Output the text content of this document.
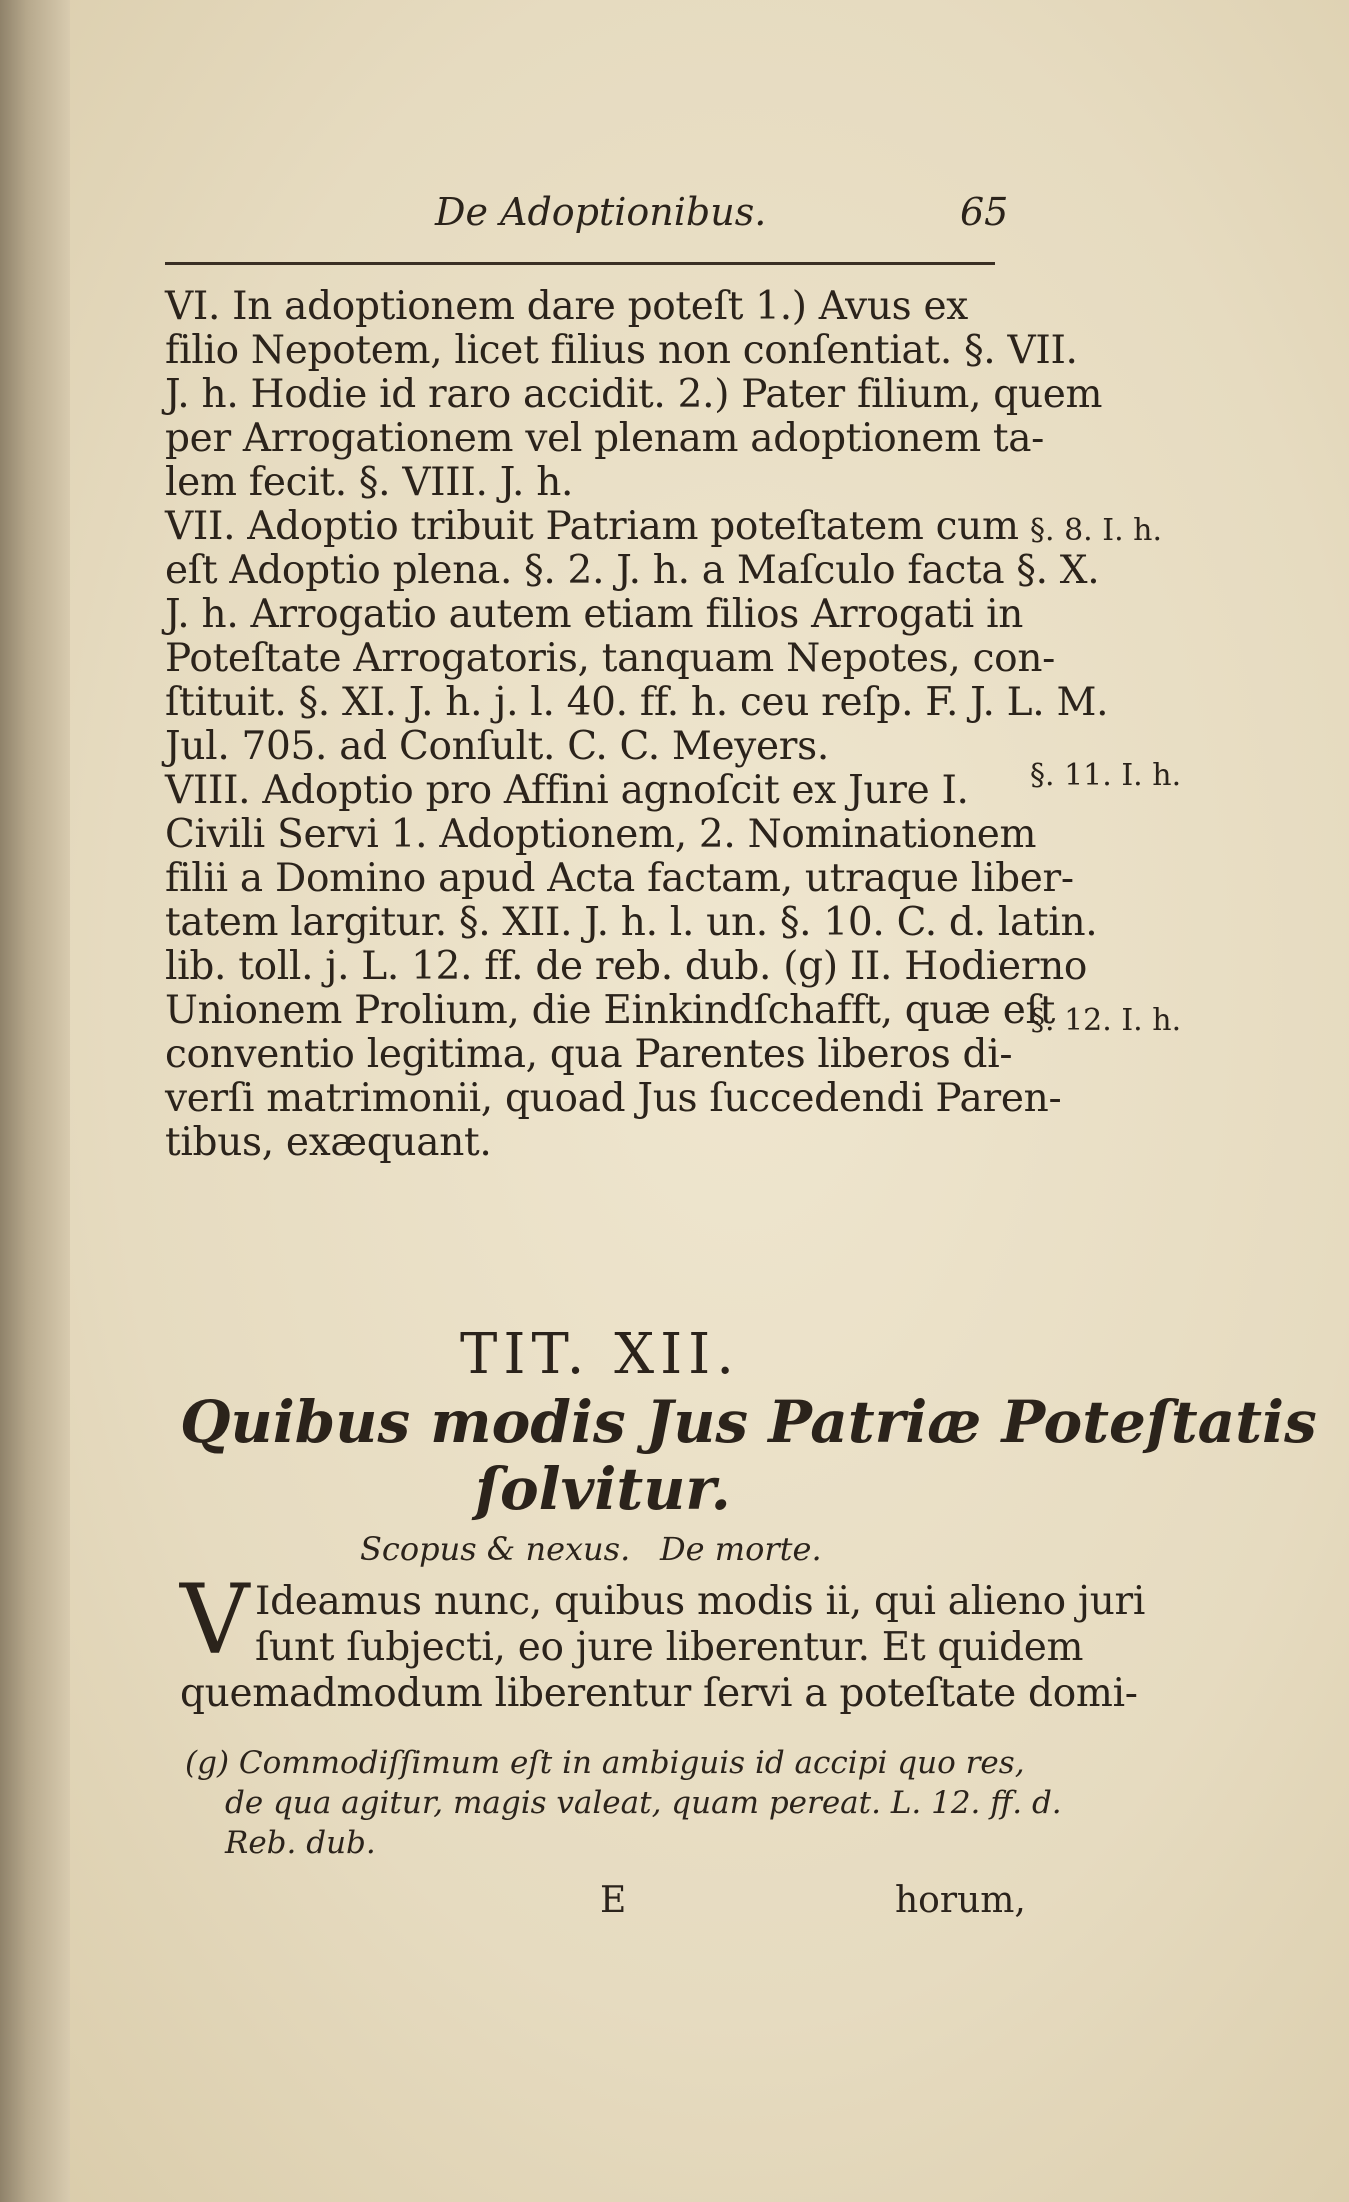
De Adoptionibus.	65
VI. In adoptionem dare poteſt 1.) Avus ex
filio Nepotem, licet filius non conſentiat. §. VII.
J. h. Hodie id raro accidit. 2.) Pater filium, quem
per Arrogationem vel plenam adoptionem ta-
lem fecit. §. VIII. J. h.
VII. Adoptio tribuit Patriam poteſtatem cum
eſt Adoptio plena. §. 2. J. h. a Maſculo facta §. X.
J. h. Arrogatio autem etiam filios Arrogati in
Poteſtate Arrogatoris, tanquam Nepotes, con-
ſtituit. §. XI. J. h. j. l. 40. ff. h. ceu reſp. F. J. L. M.
Jul. 705. ad Conſult. C. C. Meyers.
VIII. Adoptio pro Affini agnoſcit ex Jure I.
Civili Servi 1. Adoptionem, 2. Nominationem
filii a Domino apud Acta factam, utraque liber-
tatem largitur. §. XII. J. h. l. un. §. 10. C. d. latin.
lib. toll. j. L. 12. ff. de reb. dub. (g) II. Hodierno
Unionem Prolium, die Einkindſchafft, quæ eſt
conventio legitima, qua Parentes liberos di-
verſi matrimonii, quoad Jus ſuccedendi Paren-
tibus, exæquant.
§. 8. I. h.
§. 11. I. h.
§. 12. I. h.
TIT. XII.
Quibus modis Jus Patriæ Poteſtatis
ſolvitur.
Scopus & nexus. De morte.
V Ideamus nunc, quibus modis ii, qui alieno juri
ſunt ſubjecti, eo jure liberentur. Et quidem
quemadmodum liberentur ſervi a poteſtate domi-
(g) Commodiſſimum eſt in ambiguis id accipi quo res,
de qua agitur, magis valeat, quam pereat. L. 12. ff. d.
Reb. dub.
E	horum,
